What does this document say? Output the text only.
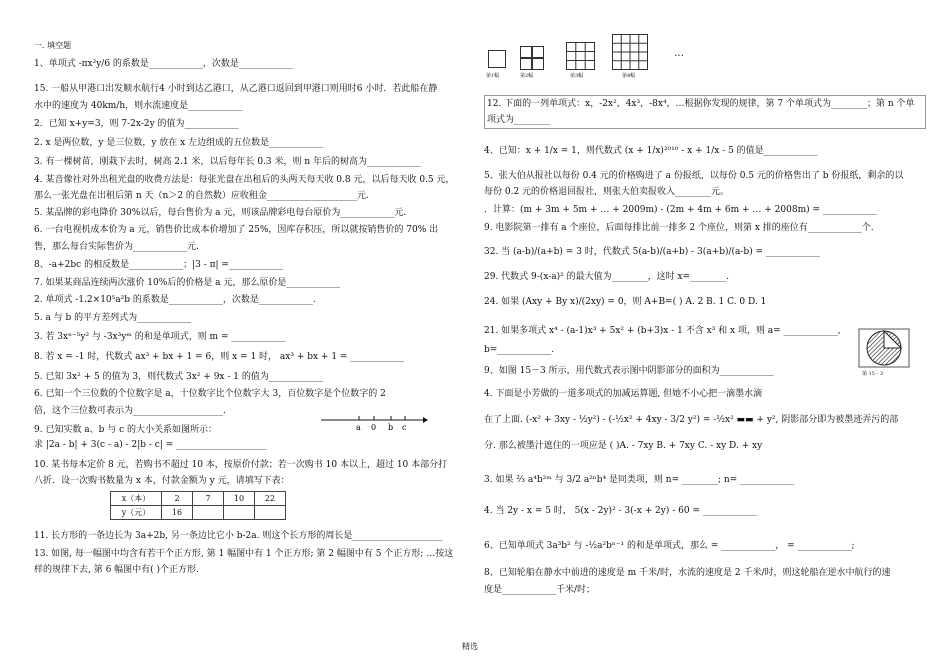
一. 填空题
1、单项式 -πx²y/6 的系数是____________，次数是____________
15. 一船从甲港口出发顺水航行4 小时到达乙港口，从乙港口返回到甲港口则用时6 小时．若此船在静
水中的速度为 40km/h，则水流速度是____________
2．已知 x+y=3，则 7-2x-2y 的值为____________
2. x 是两位数，y 是三位数，y 放在 x 左边组成的五位数是____________
3. 有一棵树苗，刚栽下去时，树高 2.1 米，以后每年长 0.3 米，则 n 年后的树高为____________
4. 某音像社对外出租光盘的收费方法是：每张光盘在出租后的头两天每天收 0.8 元，以后每天收 0.5 元，
那么一张光盘在出租后第 n 天（n＞2 的自然数）应收租金____________________元.
5. 某品牌的彩电降价 30%以后，每台售价为 a 元，则该品牌彩电每台原价为____________元.
6. 一台电视机成本价为 a 元，销售价比成本价增加了 25%，因库存积压，所以就按销售价的 70% 出
售，那么每台实际售价为____________元.
8、-a+2bc 的相反数是____________；|3 - π| =____________
7. 如果某商品连续两次涨价 10%后的价格是 a 元，那么原价是____________
2. 单项式 -1.2×10⁵a²b 的系数是____________，次数是____________.
5. a 与 b 的平方差列式为____________
3. 若 3xⁿ⁻⁵y² 与 -3x³yᵐ 的和是单项式，则 m = ____________
8. 若 x = -1 时，代数式 ax³ + bx + 1 = 6，则 x = 1 时， ax³ + bx + 1 = ____________
5. 已知 3x² + 5 的值为 3，则代数式 3x² + 9x - 1 的值为____________
6. 已知一个三位数的个位数字是 a，十位数字比个位数字大 3，百位数字是个位数字的 2
倍，这个三位数可表示为____________________.
9. 已知实数 a、b 与 c 的大小关系如图所示：
求 |2a - b| + 3(c - a) - 2|b - c| = ____________________
a 0 b c
10. 某书每本定价 8 元，若购书不超过 10 本，按原价付款；若一次购书 10 本以上，超过 10 本部分打
八折．设一次购书数量为 x 本，付款金额为 y 元，请填写下表：
x（本）	2	7	10	22
y（元）	16			
11. 长方形的一条边长为 3a+2b, 另一条边比它小 b-2a. 则这个长方形的周长是____________________
13. 如图, 每一幅图中均含有若干个正方形, 第 1 幅图中有 1 个正方形; 第 2 幅图中有 5 个正方形; …按这
样的规律下去, 第 6 幅图中有( )个正方形.
第1幅	第2幅	第3幅	第4幅
…
12. 下面的一列单项式：x，-2x²，4x³，-8x⁴，…根据你发现的规律，第 7 个单项式为________；第 n 个单
项式为________
4、已知：x + 1/x = 1，则代数式 (x + 1/x)²⁰¹⁰ - x + 1/x - 5 的值是____________
5、张大伯从报社以每份 0.4 元的价格购进了 a 份报纸，以每份 0.5 元的价格售出了 b 份报纸，剩余的以
每份 0.2 元的价格退回报社，则张大伯卖报收入________元。
．计算：(m + 3m + 5m + … + 2009m) - (2m + 4m + 6m + … + 2008m) = ____________
9. 电影院第一排有 a 个座位，后面每排比前一排多 2 个座位，则第 x 排的座位有____________个.
32. 当 (a-b)/(a+b) = 3 时，代数式 5(a-b)/(a+b) - 3(a+b)/(a-b) = ____________
29. 代数式 9-(x-a)² 的最大值为________，这时 x=________.
24. 如果 (Axy + By x)/(2xy) = 0，则 A+B=( ) A. 2 B. 1 C. 0 D. 1
21. 如果多项式 x⁴ - (a-1)x³ + 5x² + (b+3)x - 1 不含 x³ 和 x 项，则 a= ____________,
b=____________.
9、如图 15－3 所示，用代数式表示图中阴影部分的面积为____________	第 15 - 3
4. 下面是小芳做的一道多项式的加减运算题, 但她不小心把一滴墨水滴
在了上面. (-x² + 3xy - ½y²) - (-½x² + 4xy - 3/2 y²) = -½x² ▬▬ + y², 阴影部分即为被墨迹弄污的部
分. 那么被墨汁遮住的一项应是 ( )A. - 7xy B. + 7xy C. - xy D. + xy
3. 如果 ⅔ a⁴b²ᵐ 与 3/2 a²ⁿb⁴ 是同类项，则 n= ________; n= ____________
4. 当 2y - x = 5 时， 5(x - 2y)² - 3(-x + 2y) - 60 = ____________
6、已知单项式 3a³b² 与 -½a²bⁿ⁻¹ 的和是单项式，那么 = ____________， = ____________;
8、已知轮船在静水中前进的速度是 m 千米/时，水流的速度是 2 千米/时，则这轮船在逆水中航行的速
度是____________千米/时；
精选
